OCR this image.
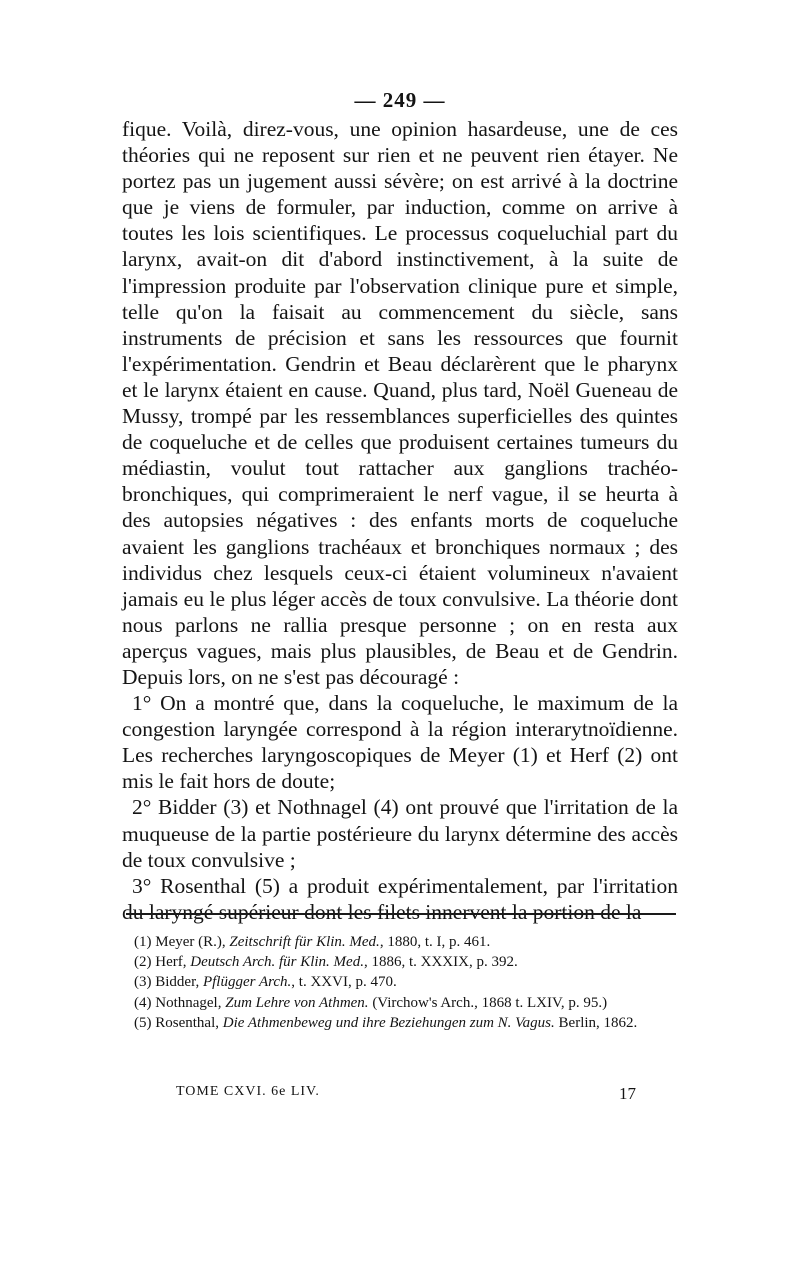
— 249 —

fique. Voilà, direz-vous, une opinion hasardeuse, une de ces théories qui ne reposent sur rien et ne peuvent rien étayer. Ne portez pas un jugement aussi sévère; on est arrivé à la doctrine que je viens de formuler, par induction, comme on arrive à toutes les lois scientifiques. Le processus coqueluchial part du larynx, avait-on dit d'abord instinctivement, à la suite de l'impression produite par l'observation clinique pure et simple, telle qu'on la faisait au commencement du siècle, sans instruments de précision et sans les ressources que fournit l'expérimentation. Gendrin et Beau déclarèrent que le pharynx et le larynx étaient en cause. Quand, plus tard, Noël Gueneau de Mussy, trompé par les ressemblances superficielles des quintes de coqueluche et de celles que produisent certaines tumeurs du médiastin, voulut tout rattacher aux ganglions trachéo-bronchiques, qui comprimeraient le nerf vague, il se heurta à des autopsies négatives : des enfants morts de coqueluche avaient les ganglions trachéaux et bronchiques normaux ; des individus chez lesquels ceux-ci étaient volumineux n'avaient jamais eu le plus léger accès de toux convulsive. La théorie dont nous parlons ne rallia presque personne ; on en resta aux aperçus vagues, mais plus plausibles, de Beau et de Gendrin. Depuis lors, on ne s'est pas découragé :

1° On a montré que, dans la coqueluche, le maximum de la congestion laryngée correspond à la région interarytnoïdienne. Les recherches laryngoscopiques de Meyer (1) et Herf (2) ont mis le fait hors de doute;

2° Bidder (3) et Nothnagel (4) ont prouvé que l'irritation de la muqueuse de la partie postérieure du larynx détermine des accès de toux convulsive ;

3° Rosenthal (5) a produit expérimentalement, par l'irritation du laryngé supérieur dont les filets innervent la portion de la

(1) Meyer (R.), Zeitschrift für Klin. Med., 1880, t. I, p. 461.

(2) Herf, Deutsch Arch. für Klin. Med., 1886, t. XXXIX, p. 392.

(3) Bidder, Pflügger Arch., t. XXVI, p. 470.

(4) Nothnagel, Zum Lehre von Athmen. (Virchow's Arch., 1868 t. LXIV, p. 95.)

(5) Rosenthal, Die Athmenbeweg und ihre Beziehungen zum N. Vagus. Berlin, 1862.

TOME CXVI. 6e LIV.	17
